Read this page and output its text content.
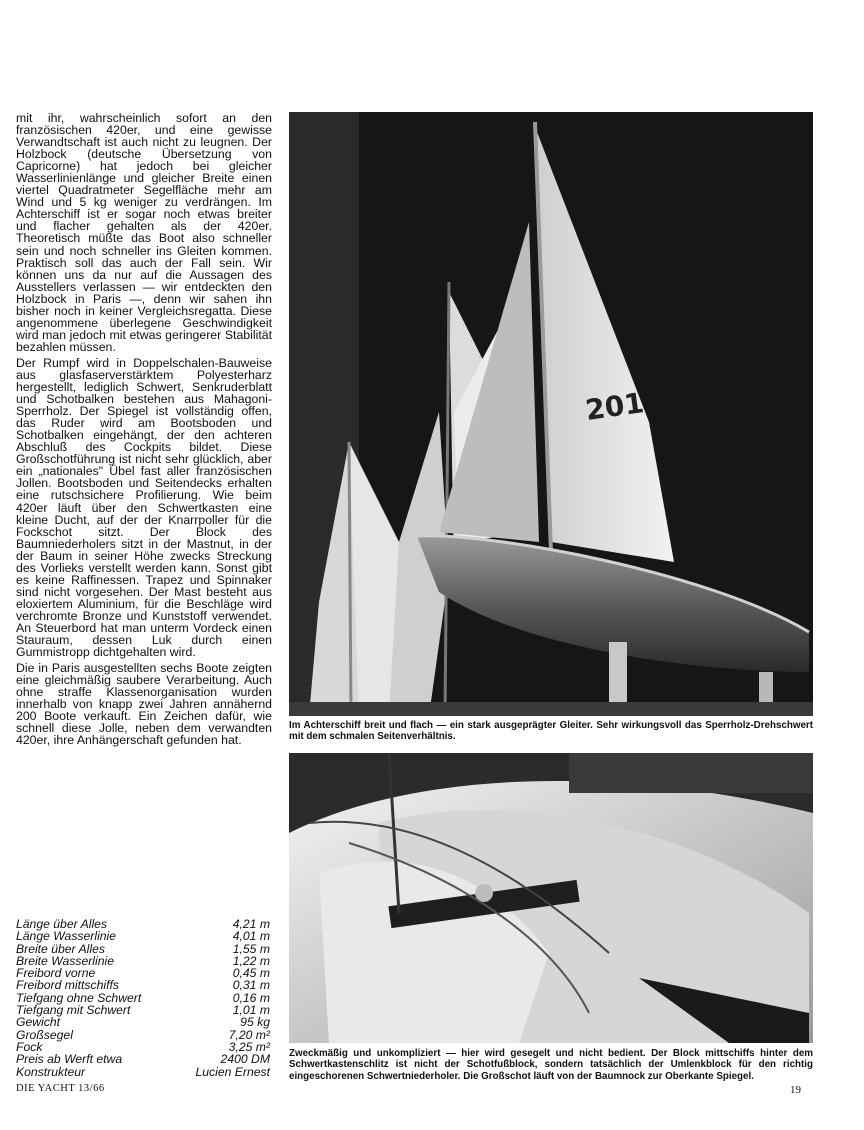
mit ihr, wahrscheinlich sofort an den französischen 420er, und eine gewisse Verwandtschaft ist auch nicht zu leugnen. Der Holzbock (deutsche Übersetzung von Capricorne) hat jedoch bei gleicher Wasserlinienlänge und gleicher Breite einen viertel Quadratmeter Segelfläche mehr am Wind und 5 kg weniger zu verdrängen. Im Achterschiff ist er sogar noch etwas breiter und flacher gehalten als der 420er. Theoretisch müßte das Boot also schneller sein und noch schneller ins Gleiten kommen. Praktisch soll das auch der Fall sein. Wir können uns da nur auf die Aussagen des Ausstellers verlassen — wir entdeckten den Holzbock in Paris —, denn wir sahen ihn bisher noch in keiner Vergleichsregatta. Diese angenommene überlegene Geschwindigkeit wird man jedoch mit etwas geringerer Stabilität bezahlen müssen.

Der Rumpf wird in Doppelschalen-Bauweise aus glasfaserverstärktem Polyesterharz hergestellt, lediglich Schwert, Senkruderblatt und Schotbalken bestehen aus Mahagoni-Sperrholz. Der Spiegel ist vollständig offen, das Ruder wird am Bootsboden und Schotbalken eingehängt, der den achteren Abschluß des Cockpits bildet. Diese Großschotführung ist nicht sehr glücklich, aber ein „nationales" Übel fast aller französischen Jollen. Bootsboden und Seitendecks erhalten eine rutschsichere Profilierung. Wie beim 420er läuft über den Schwertkasten eine kleine Ducht, auf der der Knarrpoller für die Fockschot sitzt. Der Block des Baumniederholers sitzt in der Mastnut, in der der Baum in seiner Höhe zwecks Streckung des Vorlieks verstellt werden kann. Sonst gibt es keine Raffinessen. Trapez und Spinnaker sind nicht vorgesehen. Der Mast besteht aus eloxiertem Aluminium, für die Beschläge wird verchromte Bronze und Kunststoff verwendet. An Steuerbord hat man unterm Vordeck einen Stauraum, dessen Luk durch einen Gummistropp dichtgehalten wird.

Die in Paris ausgestellten sechs Boote zeigten eine gleichmäßig saubere Verarbeitung. Auch ohne straffe Klassenorganisation wurden innerhalb von knapp zwei Jahren annähernd 200 Boote verkauft. Ein Zeichen dafür, wie schnell diese Jolle, neben dem verwandten 420er, ihre Anhängerschaft gefunden hat.

Länge über Alles	4,21 m
Länge Wasserlinie	4,01 m
Breite über Alles	1,55 m
Breite Wasserlinie	1,22 m
Freibord vorne	0,45 m
Freibord mittschiffs	0,31 m
Tiefgang ohne Schwert	0,16 m
Tiefgang mit Schwert	1,01 m
Gewicht	95 kg
Großsegel	7,20 m²
Fock	3,25 m²
Preis ab Werft etwa	2400 DM
Konstrukteur	Lucien Ernest
201
Im Achterschiff breit und flach — ein stark ausgeprägter Gleiter. Sehr wirkungsvoll das Sperrholz-Drehschwert mit dem schmalen Seitenverhältnis.
Zweckmäßig und unkompliziert — hier wird gesegelt und nicht bedient. Der Block mittschiffs hinter dem Schwertkastenschlitz ist nicht der Schotfußblock, sondern tatsächlich der Umlenkblock für den richtig eingeschorenen Schwertniederholer. Die Großschot läuft von der Baumnock zur Oberkante Spiegel.
DIE YACHT 13/66	19
